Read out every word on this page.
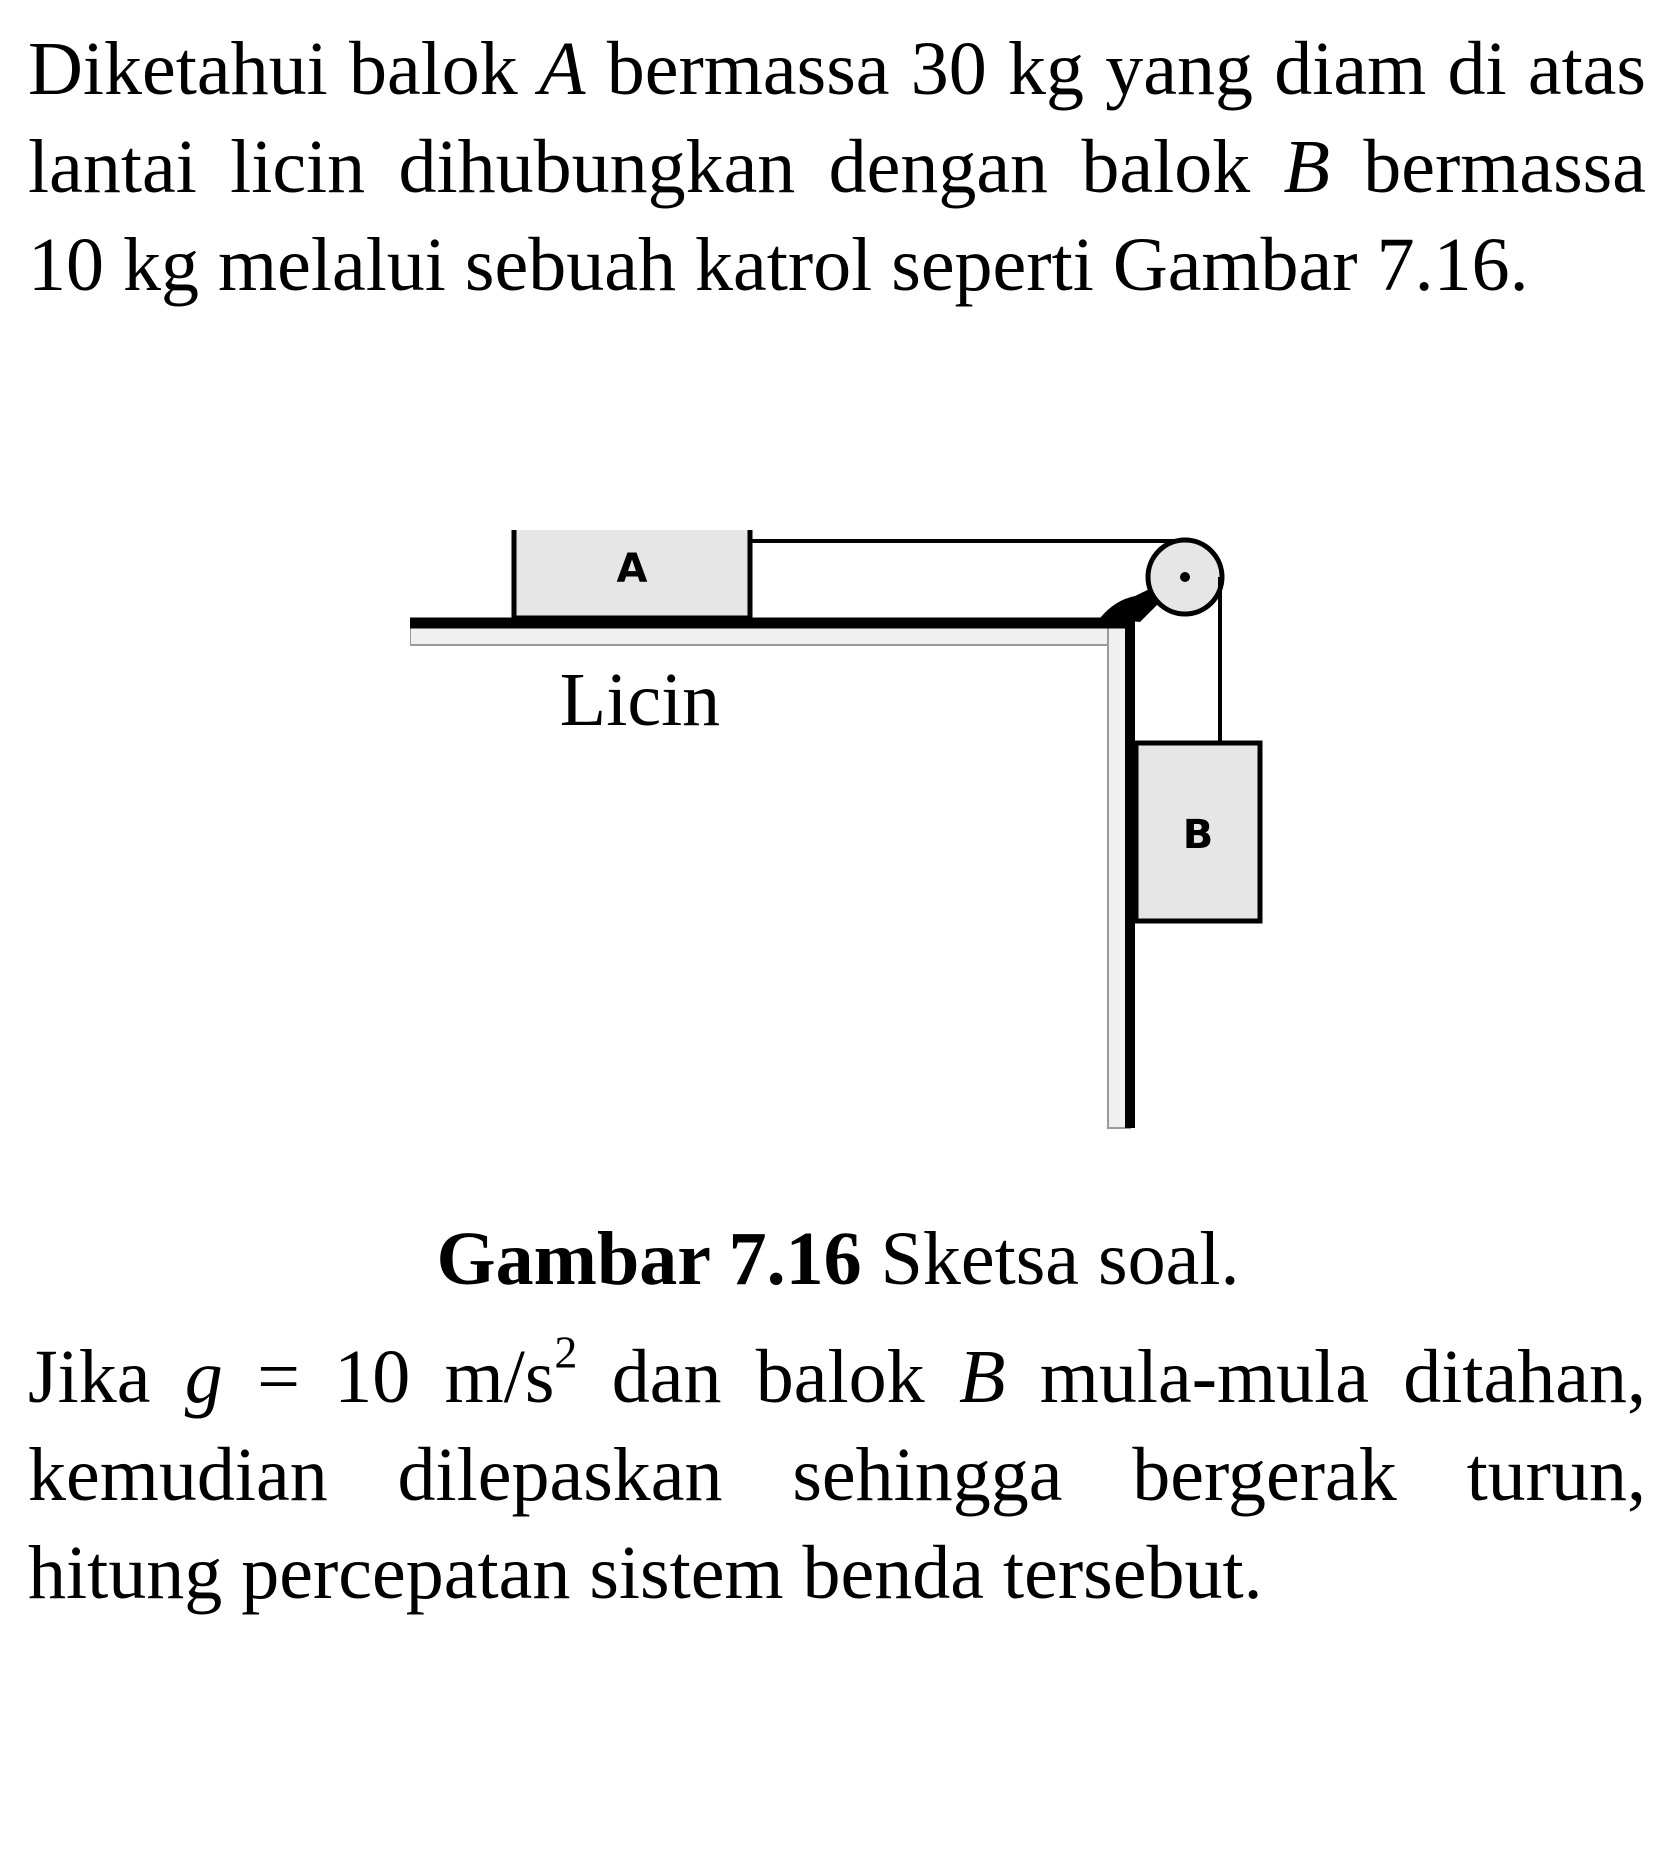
Diketahui balok A bermassa 30 kg yang diam di atas lantai licin dihubungkan dengan balok B bermassa 10 kg melalui sebuah katrol seperti Gambar 7.16.

A
B
Licin
Gambar 7.16 Sketsa soal.

Jika g = 10 $m/s^2$ dan balok B mula-mula ditahan, kemudian dilepaskan sehingga bergerak turun, hitung percepatan sistem benda tersebut.
